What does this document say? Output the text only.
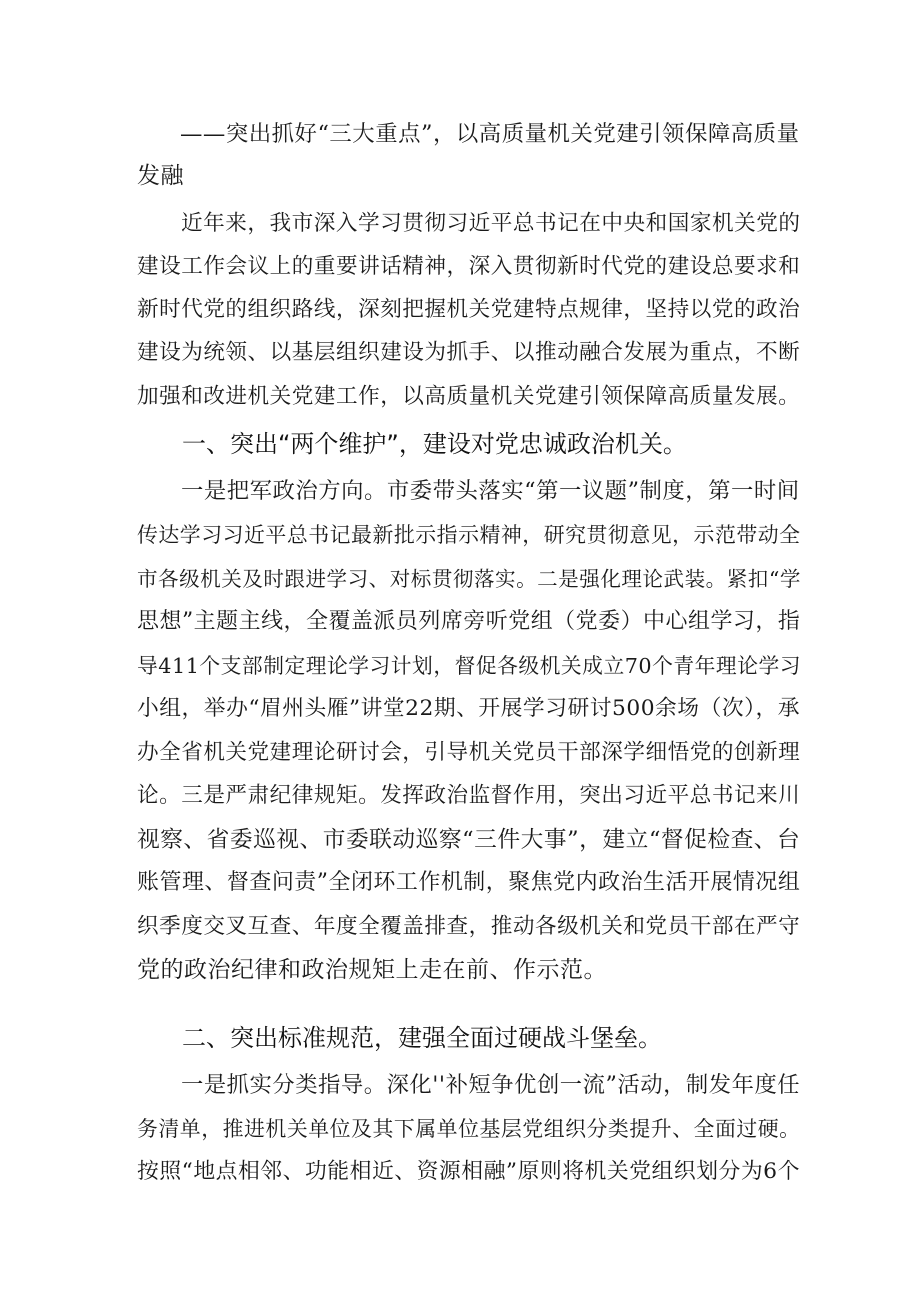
——突出抓好“三大重点”，以高质量机关党建引领保障高质量
发融
近年来，我市深入学习贯彻习近平总书记在中央和国家机关党的
建设工作会议上的重要讲话精神，深入贯彻新时代党的建设总要求和
新时代党的组织路线，深刻把握机关党建特点规律，坚持以党的政治
建设为统领、以基层组织建设为抓手、以推动融合发展为重点，不断
加强和改进机关党建工作，以高质量机关党建引领保障高质量发展。
一、突出“两个维护”，建设对党忠诚政治机关。
一是把军政治方向。市委带头落实“第一议题”制度，第一时间
传达学习习近平总书记最新批示指示精神，研究贯彻意见，示范带动全
市各级机关及时跟进学习、对标贯彻落实。二是强化理论武装。紧扣“学
思想”主题主线，全覆盖派员列席旁听党组（党委）中心组学习，指
导411个支部制定理论学习计划，督促各级机关成立70个青年理论学习
小组，举办“眉州头雁”讲堂22期、开展学习研讨500余场（次），承
办全省机关党建理论研讨会，引导机关党员干部深学细悟党的创新理
论。三是严肃纪律规矩。发挥政治监督作用，突出习近平总书记来川
视察、省委巡视、市委联动巡察“三件大事”，建立“督促检查、台
账管理、督查问责”全闭环工作机制，聚焦党内政治生活开展情况组
织季度交叉互查、年度全覆盖排查，推动各级机关和党员干部在严守
党的政治纪律和政治规矩上走在前、作示范。
二、突出标准规范，建强全面过硬战斗堡垒。
一是抓实分类指导。深化''补短争优创一流”活动，制发年度任
务清单，推进机关单位及其下属单位基层党组织分类提升、全面过硬。
按照“地点相邻、功能相近、资源相融”原则将机关党组织划分为6个
